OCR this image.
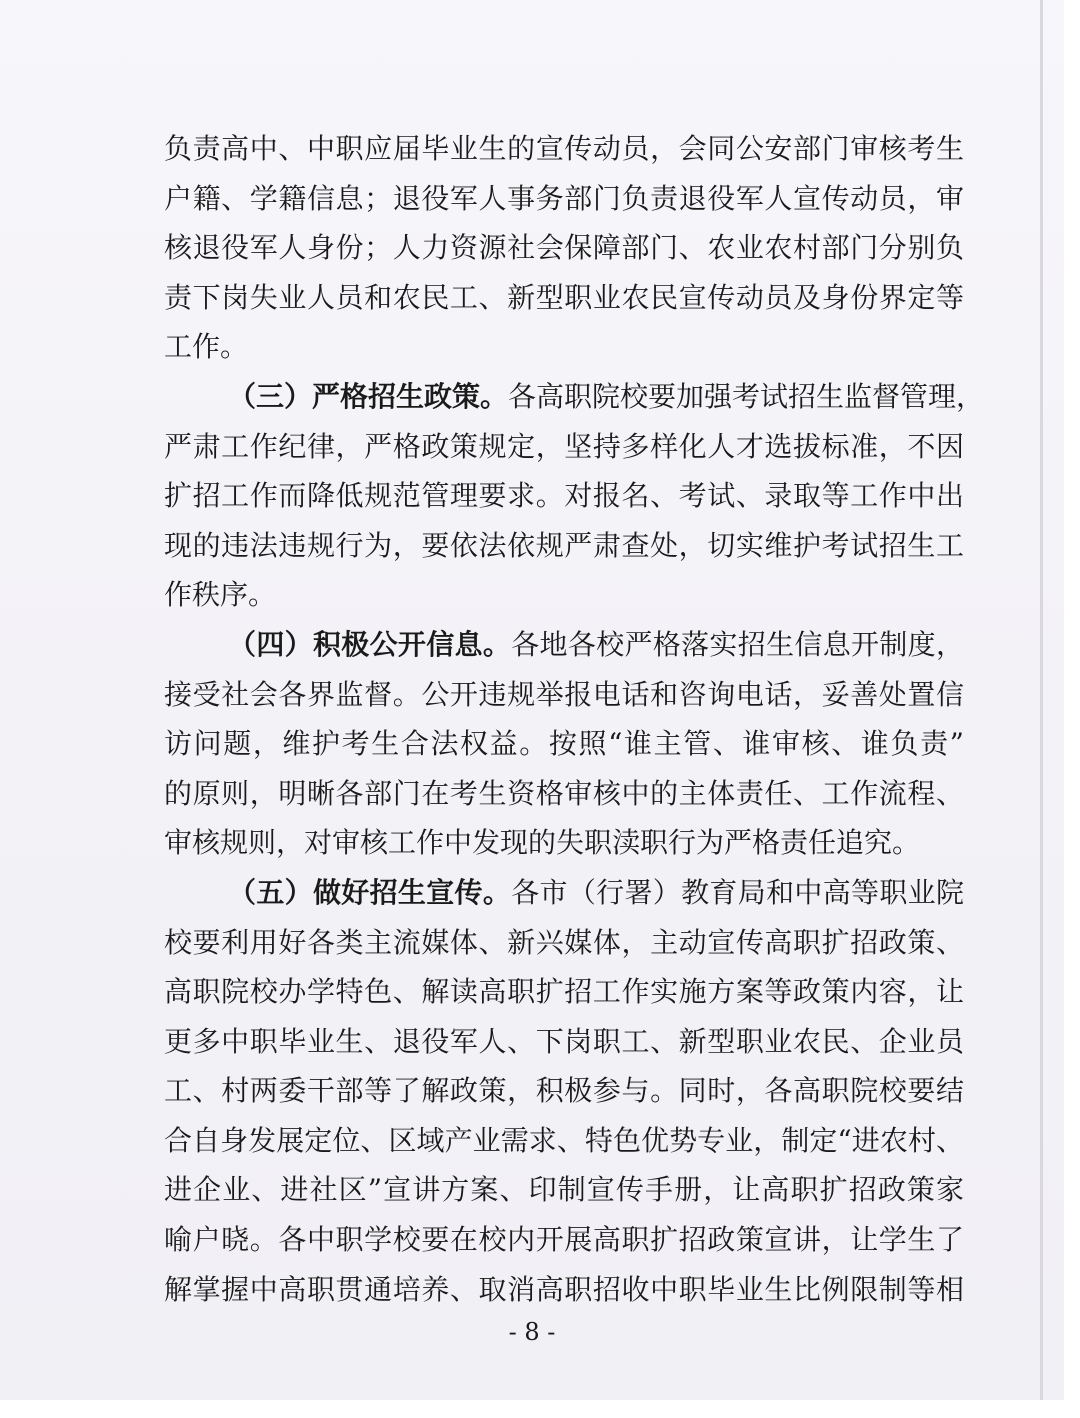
负责高中、中职应届毕业生的宣传动员，会同公安部门审核考生
户籍、学籍信息；退役军人事务部门负责退役军人宣传动员，审
核退役军人身份；人力资源社会保障部门、农业农村部门分别负
责下岗失业人员和农民工、新型职业农民宣传动员及身份界定等
工作。
（三）严格招生政策。各高职院校要加强考试招生监督管理，
严肃工作纪律，严格政策规定，坚持多样化人才选拔标准，不因
扩招工作而降低规范管理要求。对报名、考试、录取等工作中出
现的违法违规行为，要依法依规严肃查处，切实维护考试招生工
作秩序。
（四）积极公开信息。各地各校严格落实招生信息开制度，
接受社会各界监督。公开违规举报电话和咨询电话，妥善处置信
访问题，维护考生合法权益。按照“谁主管、谁审核、谁负责”
的原则，明晰各部门在考生资格审核中的主体责任、工作流程、
审核规则，对审核工作中发现的失职渎职行为严格责任追究。
（五）做好招生宣传。各市（行署）教育局和中高等职业院
校要利用好各类主流媒体、新兴媒体，主动宣传高职扩招政策、
高职院校办学特色、解读高职扩招工作实施方案等政策内容，让
更多中职毕业生、退役军人、下岗职工、新型职业农民、企业员
工、村两委干部等了解政策，积极参与。同时，各高职院校要结
合自身发展定位、区域产业需求、特色优势专业，制定“进农村、
进企业、进社区”宣讲方案、印制宣传手册，让高职扩招政策家
喻户晓。各中职学校要在校内开展高职扩招政策宣讲，让学生了
解掌握中高职贯通培养、取消高职招收中职毕业生比例限制等相
- 8 -
